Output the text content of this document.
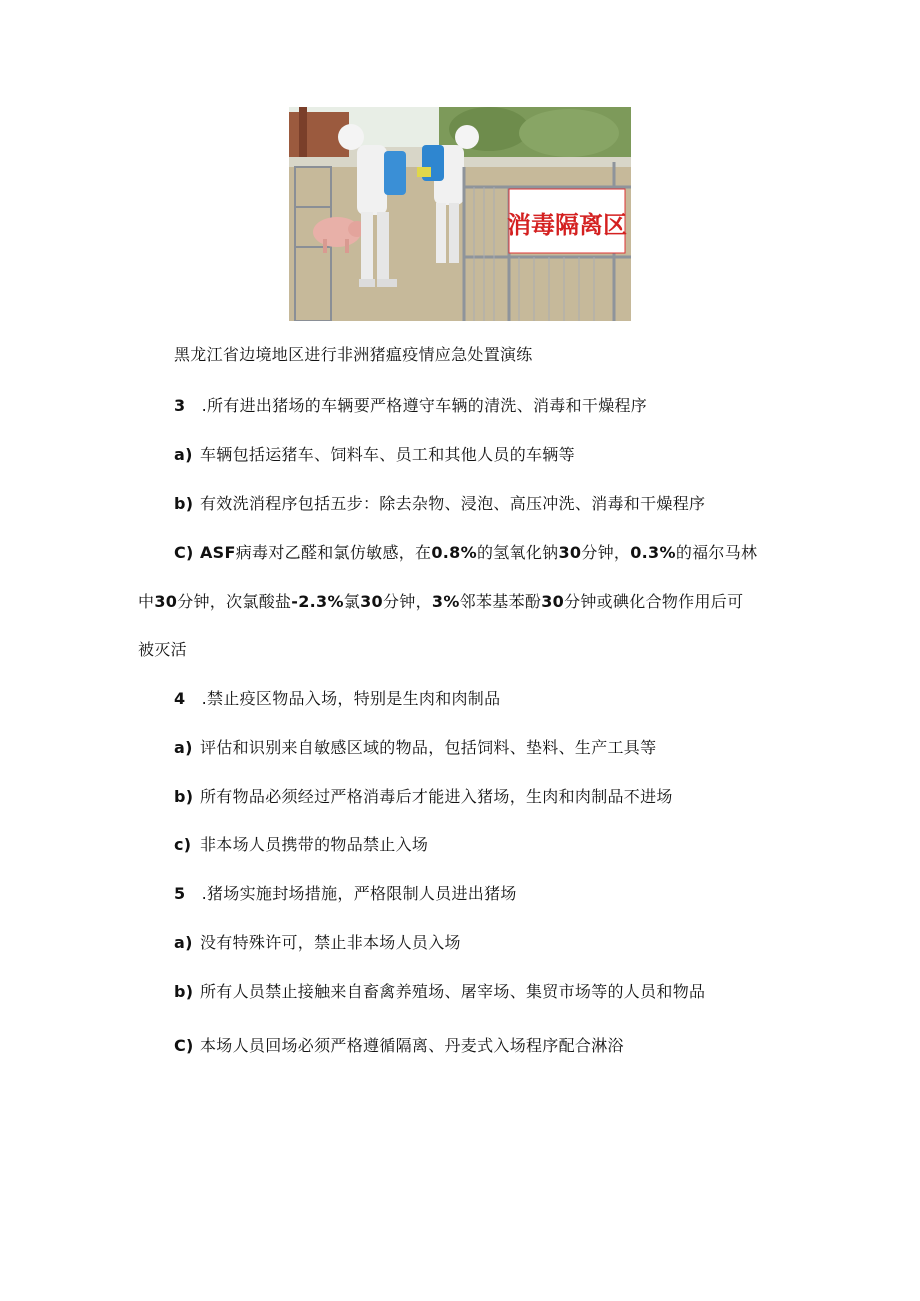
消毒隔离区
黑龙江省边境地区进行非洲猪瘟疫情应急处置演练
3 .所有进出猪场的车辆要严格遵守车辆的清洗、消毒和干燥程序
a) 车辆包括运猪车、饲料车、员工和其他人员的车辆等
b) 有效洗消程序包括五步：除去杂物、浸泡、高压冲洗、消毒和干燥程序
C) ASF病毒对乙醛和氯仿敏感，在0.8%的氢氧化钠30分钟，0.3%的福尔马林
中30分钟，次氯酸盐-2.3%氯30分钟，3%邻苯基苯酚30分钟或碘化合物作用后可
被灭活
4 .禁止疫区物品入场，特别是生肉和肉制品
a) 评估和识别来自敏感区域的物品，包括饲料、垫料、生产工具等
b) 所有物品必须经过严格消毒后才能进入猪场，生肉和肉制品不进场
c) 非本场人员携带的物品禁止入场
5 .猪场实施封场措施，严格限制人员进出猪场
a) 没有特殊许可，禁止非本场人员入场
b) 所有人员禁止接触来自畜禽养殖场、屠宰场、集贸市场等的人员和物品
C) 本场人员回场必须严格遵循隔离、丹麦式入场程序配合淋浴
